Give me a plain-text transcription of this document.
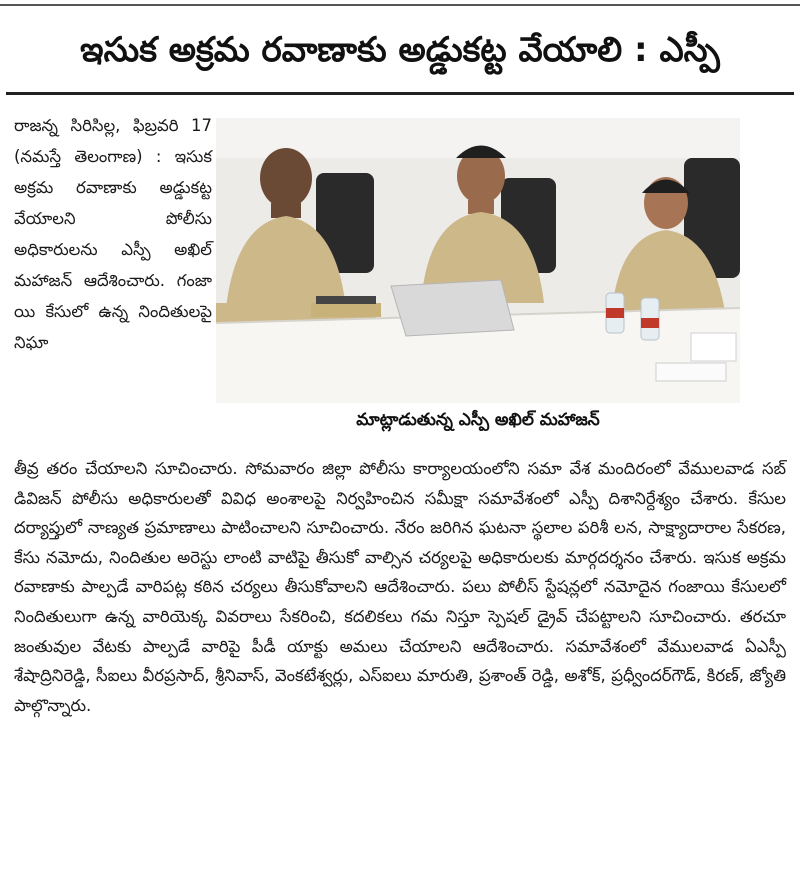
ఇసుక అక్రమ రవాణాకు అడ్డుకట్ట వేయాలి : ఎస్పీ
రాజన్న సిరిసిల్ల, ఫిబ్రవరి 17 (నమస్తే తెలంగాణ) : ఇసుక అక్రమ రవాణాకు అడ్డుకట్ట వేయాలని పోలీసు అధికారులను ఎస్పీ అఖిల్ మహాజన్ ఆదేశించారు. గంజా యి కేసులో ఉన్న నిందితులపై నిఘా
మాట్లాడుతున్న ఎస్పీ అఖిల్ మహాజన్
తీవ్ర తరం చేయాలని సూచించారు. సోమవారం జిల్లా పోలీసు కార్యాలయంలోని సమా వేశ మందిరంలో వేములవాడ సబ్ డివిజన్ పోలీసు అధికారులతో వివిధ అంశాలపై నిర్వహించిన సమీక్షా సమావేశంలో ఎస్పీ దిశానిర్దేశ్యం చేశారు. కేసుల దర్యాప్తులో నాణ్యత ప్రమాణాలు పాటించాలని సూచించారు. నేరం జరిగిన ఘటనా స్థలాల పరిశీ లన, సాక్ష్యాదారాల సేకరణ, కేసు నమోదు, నిందితుల అరెస్టు లాంటి వాటిపై తీసుకో వాల్సిన చర్యలపై అధికారులకు మార్గదర్శనం చేశారు. ఇసుక అక్రమ రవాణాకు పాల్పడే వారిపట్ల కఠిన చర్యలు తీసుకోవాలని ఆదేశించారు. పలు పోలీస్ స్టేషన్లలో నమోదైన గంజాయి కేసులలో నిందితులుగా ఉన్న వారియెక్క వివరాలు సేకరించి, కదలికలు గమ నిస్తూ స్పెషల్ డ్రైవ్ చేపట్టాలని సూచించారు. తరచూ జంతువుల వేటకు పాల్పడే వారిపై పీడీ యాక్టు అమలు చేయాలని ఆదేశించారు. సమావేశంలో వేములవాడ ఏఎస్పీ శేషాద్రినిరెడ్డి, సీఐలు వీరప్రసాద్, శ్రీనివాస్, వెంకటేశ్వర్లు, ఎస్ఐలు మారుతి, ప్రశాంత్ రెడ్డి, అశోక్, ప్రధ్వీందర్‌గౌడ్, కిరణ్, జ్యోతి పాల్గొన్నారు.
